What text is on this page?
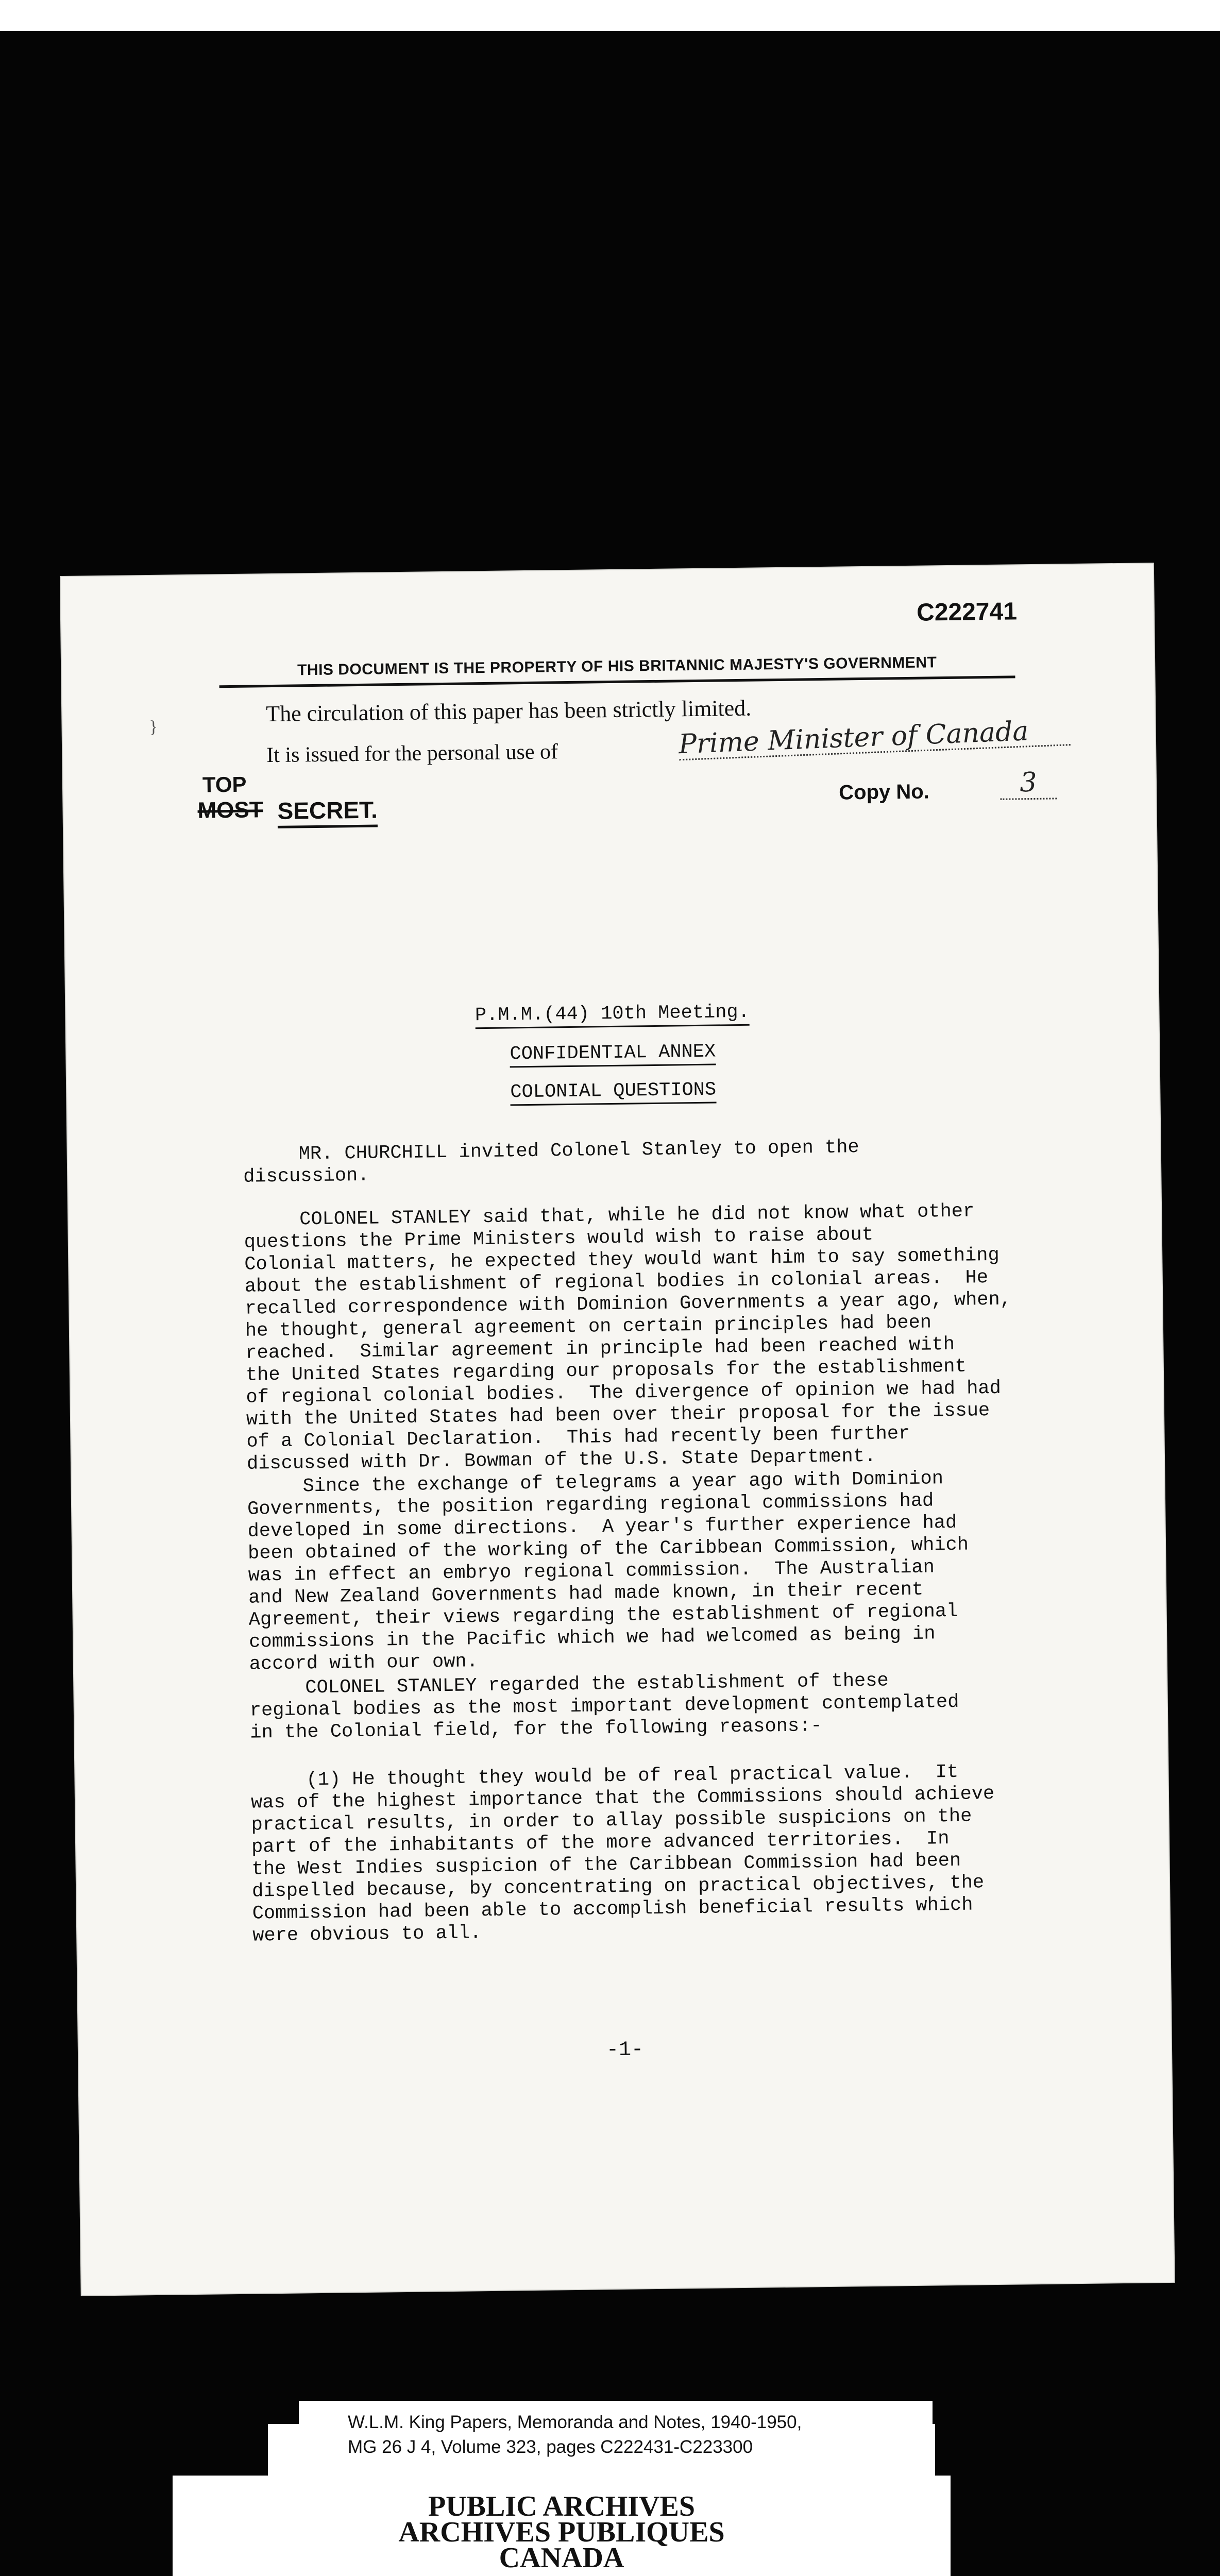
C222741
THIS DOCUMENT IS THE PROPERTY OF HIS BRITANNIC MAJESTY'S GOVERNMENT
The circulation of this paper has been strictly limited.
}
It is issued for the personal use of	Prime Minister of Canada
TOP
MOST SECRET.
Copy No.	3
P.M.M.(44) 10th Meeting.
CONFIDENTIAL ANNEX
COLONIAL QUESTIONS

MR. CHURCHILL invited Colonel Stanley to open the
discussion.

COLONEL STANLEY said that, while he did not know what other
questions the Prime Ministers would wish to raise about
Colonial matters, he expected they would want him to say something
about the establishment of regional bodies in colonial areas.  He
recalled correspondence with Dominion Governments a year ago, when,
he thought, general agreement on certain principles had been
reached.  Similar agreement in principle had been reached with
the United States regarding our proposals for the establishment
of regional colonial bodies.  The divergence of opinion we had had
with the United States had been over their proposal for the issue
of a Colonial Declaration.  This had recently been further
discussed with Dr. Bowman of the U.S. State Department.

Since the exchange of telegrams a year ago with Dominion
Governments, the position regarding regional commissions had
developed in some directions.  A year's further experience had
been obtained of the working of the Caribbean Commission, which
was in effect an embryo regional commission.  The Australian
and New Zealand Governments had made known, in their recent
Agreement, their views regarding the establishment of regional
commissions in the Pacific which we had welcomed as being in
accord with our own.

COLONEL STANLEY regarded the establishment of these
regional bodies as the most important development contemplated
in the Colonial field, for the following reasons:-

(1) He thought they would be of real practical value.  It
was of the highest importance that the Commissions should achieve
practical results, in order to allay possible suspicions on the
part of the inhabitants of the more advanced territories.  In
the West Indies suspicion of the Caribbean Commission had been
dispelled because, by concentrating on practical objectives, the
Commission had been able to accomplish beneficial results which
were obvious to all.

-1-
W.L.M. King Papers, Memoranda and Notes, 1940-1950,
MG 26 J 4, Volume 323, pages C222431-C223300
PUBLIC ARCHIVES
ARCHIVES PUBLIQUES
CANADA
